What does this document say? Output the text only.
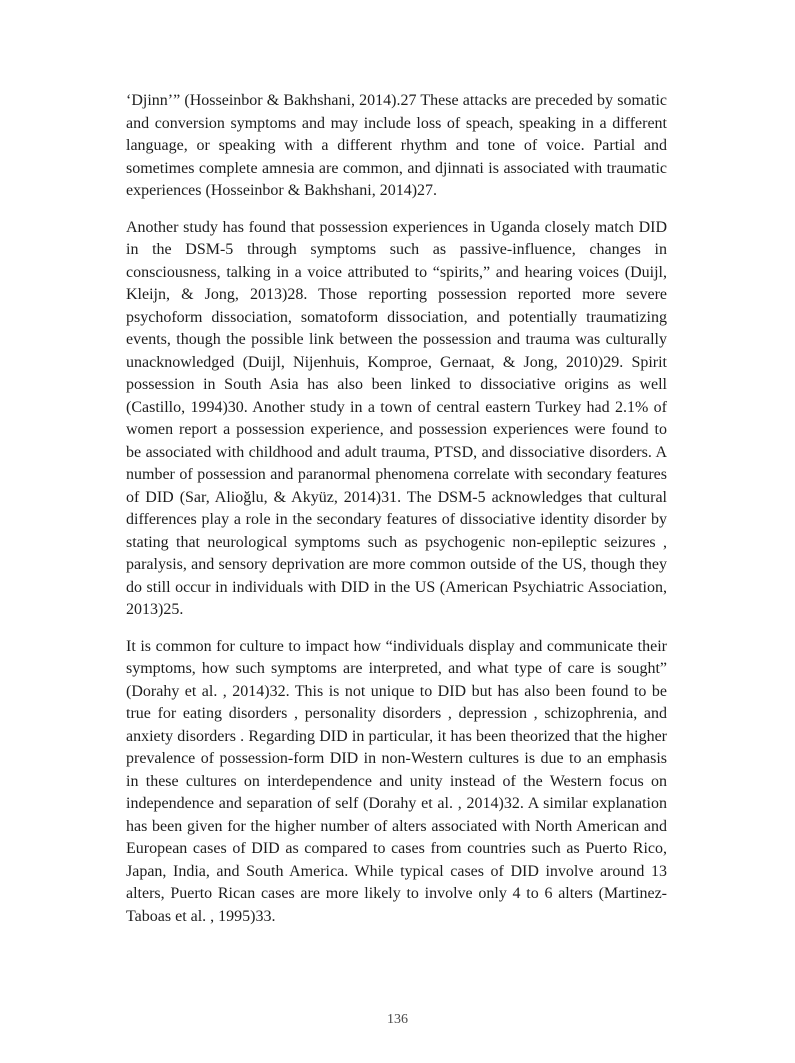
‘Djinn’” (Hosseinbor & Bakhshani, 2014).27 These attacks are preceded by somatic and conversion symptoms and may include loss of speach, speaking in a different language, or speaking with a different rhythm and tone of voice. Partial and sometimes complete amnesia are common, and djinnati is associated with traumatic experiences (Hosseinbor & Bakhshani, 2014)27.

Another study has found that possession experiences in Uganda closely match DID in the DSM-5 through symptoms such as passive-influence, changes in consciousness, talking in a voice attributed to “spirits,” and hearing voices (Duijl, Kleijn, & Jong, 2013)28. Those reporting possession reported more severe psychoform dissociation, somatoform dissociation, and potentially traumatizing events, though the possible link between the possession and trauma was culturally unacknowledged (Duijl, Nijenhuis, Komproe, Gernaat, & Jong, 2010)29. Spirit possession in South Asia has also been linked to dissociative origins as well (Castillo, 1994)30. Another study in a town of central eastern Turkey had 2.1% of women report a possession experience, and possession experiences were found to be associated with childhood and adult trauma, PTSD, and dissociative disorders. A number of possession and paranormal phenomena correlate with secondary features of DID (Sar, Alioğlu, & Akyüz, 2014)31. The DSM-5 acknowledges that cultural differences play a role in the secondary features of dissociative identity disorder by stating that neurological symptoms such as psychogenic non-epileptic seizures , paralysis, and sensory deprivation are more common outside of the US, though they do still occur in individuals with DID in the US (American Psychiatric Association, 2013)25.

It is common for culture to impact how “individuals display and communicate their symptoms, how such symptoms are interpreted, and what type of care is sought” (Dorahy et al. , 2014)32. This is not unique to DID but has also been found to be true for eating disorders , personality disorders , depression , schizophrenia, and anxiety disorders . Regarding DID in particular, it has been theorized that the higher prevalence of possession-form DID in non-Western cultures is due to an emphasis in these cultures on interdependence and unity instead of the Western focus on independence and separation of self (Dorahy et al. , 2014)32. A similar explanation has been given for the higher number of alters associated with North American and European cases of DID as compared to cases from countries such as Puerto Rico, Japan, India, and South America. While typical cases of DID involve around 13 alters, Puerto Rican cases are more likely to involve only 4 to 6 alters (Martinez-Taboas et al. , 1995)33.

136
